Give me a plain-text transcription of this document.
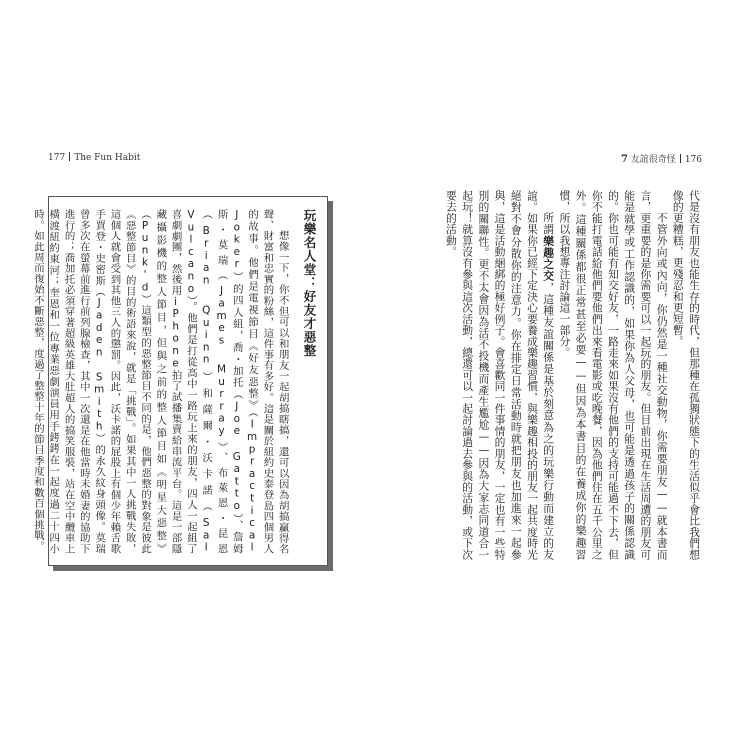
177 The Fun Habit
玩樂名人堂：好友才惡整

想像一下，你不但可以和朋友一起胡搞瞎搞，還可以因為胡搞贏得名聲、財富和忠實的粉絲，這件事有多好。這是關於紐約史泰登島四個男人的故事。他們是電視節目《好友惡整》（Impractical Joker）的四人組，喬・加托（Joe Gatto）、詹姆斯・莫瑞（James Murray）、布萊恩・昆恩（Brian Quinn）和薩爾・沃卡諾（Sal Vulcano）。他們是打從高中一路玩上來的朋友，四人一起組了喜劇劇團，然後用iPhone拍了試播集賣給串流平台。這是一部隱藏攝影機的整人節目，但與之前的整人節目如《明星大惡整》（Punk'd）這類型的惡整節目不同的是，他們惡整的對象是彼此《惡整節目》的目的術語來說，就是「挑戰」。如果其中一人挑戰失敗，這個人就會受到其他三人的懲罰。因此，沃卡諾的屁股上有個少年賴舌歌手賈登・史密斯（Jaden Smith）的永久紋身頭像。莫瑞曾多次在螢幕前進行前列腺檢查，其中一次還是在他當時未婚妻的協助下進行的；喬加托必須穿著超級英雄大肚超人的搞笑服裝，站在空中纜車上橫渡紐約東河；奎恩和一位專業惡劇演員用手銬銬在一起度過二十四小時。如此周而復始不斷惡整，度過了整整十年的節目季度和數百個挑戰。

7 友誼很奇怪 176

代是沒有朋友也能生存的時代，但那種在孤獨狀態下的生活似乎會比我們想像的更糟糕，更殘忍和更短暫。

不管外向或內向，你仍然是一種社交動物，你需要朋友——就本書而言，更重要的是你需要可以一起玩的朋友。但目前出現在生活周遭的朋友可能是就學或工作認識的，如果你為人父母，也可能是透過孩子的關係認識的。你也可能有知交好友，一路走來如果沒有他們的支持可能過不下去，但你不能打電話給他們要他們出來看電影或吃晚餐，因為他們住在五千公里之外。這種關係都很正常甚至必要——但因為本書目的在養成你的樂趣習慣，所以我想專注討論這一部分。

所謂樂趣之交，這種友誼關係是基於刻意為之的玩樂行動而建立的友誼。如果你已經下定決心要養成樂趣習慣，與樂趣相投的朋友一起共度時光絕對不會分散你的注意力。你在排定日常活動時就把朋友也加進來一起參與，這是活動綑綁的極好例子。會喜歡同一件事情的朋友，一定也有一些特別的關聯性。更不太會因為活不投機而產生尷尬——因為大家志同道合一起玩！就算沒有參與這次活動，總還可以一起討論過去參與的活動，或下次要去的活動。
